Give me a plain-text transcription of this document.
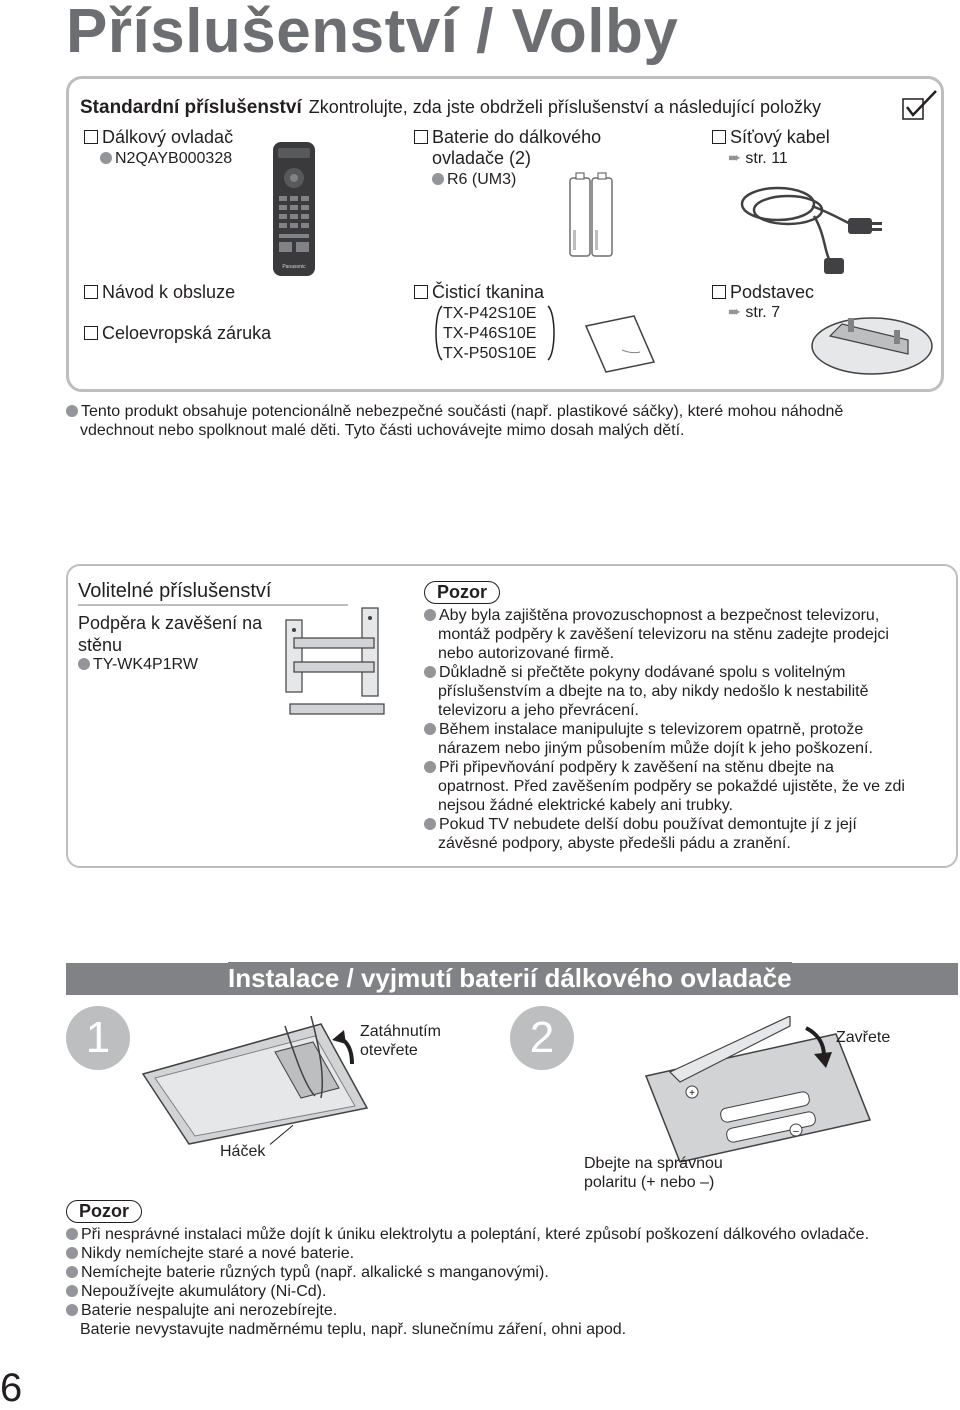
Příslušenství / Volby
Standardní příslušenství Zkontrolujte, zda jste obdrželi příslušenství a následující položky
Dálkový ovladač
N2QAYB000328
Panasonic
Baterie do dálkového
ovladače (2)
R6 (UM3)
Síťový kabel
➨ str. 11
Návod k obsluze
Celoevropská záruka
Čisticí tkanina
TX-P42S10E
TX-P46S10E
TX-P50S10E
Podstavec
➨ str. 7
Tento produkt obsahuje potencionálně nebezpečné součásti (např. plastikové sáčky), které mohou náhodně
vdechnout nebo spolknout malé děti. Tyto části uchovávejte mimo dosah malých dětí.
Volitelné příslušenství
Podpěra k zavěšení na
stěnu
TY-WK4P1RW
Pozor
Aby byla zajištěna provozuschopnost a bezpečnost televizoru,
montáž podpěry k zavěšení televizoru na stěnu zadejte prodejci
nebo autorizované firmě.
Důkladně si přečtěte pokyny dodávané spolu s volitelným
příslušenstvím a dbejte na to, aby nikdy nedošlo k nestabilitě
televizoru a jeho převrácení.
Během instalace manipulujte s televizorem opatrně, protože
nárazem nebo jiným působením může dojít k jeho poškození.
Při připevňování podpěry k zavěšení na stěnu dbejte na
opatrnost. Před zavěšením podpěry se pokaždé ujistěte, že ve zdi
nejsou žádné elektrické kabely ani trubky.
Pokud TV nebudete delší dobu používat demontujte jí z její
závěsné podpory, abyste předešli pádu a zranění.
Instalace / vyjmutí baterií dálkového ovladače
1	Zatáhnutím
otevřete
Háček
2
+
–
Zavřete
Dbejte na správnou
polaritu (+ nebo –)
Pozor
Při nesprávné instalaci může dojít k úniku elektrolytu a poleptání, které způsobí poškození dálkového ovladače.
Nikdy nemíchejte staré a nové baterie.
Nemíchejte baterie různých typů (např. alkalické s manganovými).
Nepoužívejte akumulátory (Ni-Cd).
Baterie nespalujte ani nerozebírejte.
Baterie nevystavujte nadměrnému teplu, např. slunečnímu záření, ohni apod.
6
